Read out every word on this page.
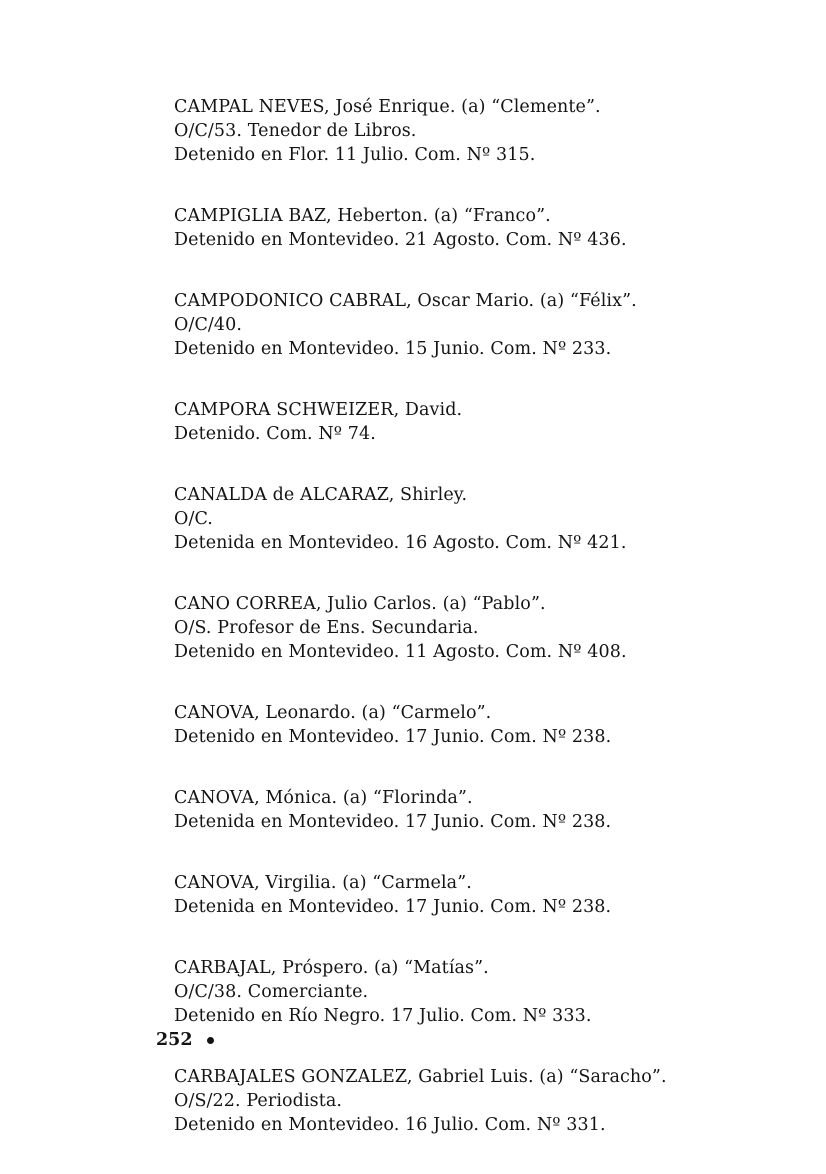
CAMPAL NEVES, José Enrique. (a) “Clemente”.
O/C/53. Tenedor de Libros.
Detenido en Flor. 11 Julio. Com. Nº 315.
CAMPIGLIA BAZ, Heberton. (a) “Franco”.
Detenido en Montevideo. 21 Agosto. Com. Nº 436.
CAMPODONICO CABRAL, Oscar Mario. (a) “Félix”.
O/C/40.
Detenido en Montevideo. 15 Junio. Com. Nº 233.
CAMPORA SCHWEIZER, David.
Detenido. Com. Nº 74.
CANALDA de ALCARAZ, Shirley.
O/C.
Detenida en Montevideo. 16 Agosto. Com. Nº 421.
CANO CORREA, Julio Carlos. (a) “Pablo”.
O/S. Profesor de Ens. Secundaria.
Detenido en Montevideo. 11 Agosto. Com. Nº 408.
CANOVA, Leonardo. (a) “Carmelo”.
Detenido en Montevideo. 17 Junio. Com. Nº 238.
CANOVA, Mónica. (a) “Florinda”.
Detenida en Montevideo. 17 Junio. Com. Nº 238.
CANOVA, Virgilia. (a) “Carmela”.
Detenida en Montevideo. 17 Junio. Com. Nº 238.
CARBAJAL, Próspero. (a) “Matías”.
O/C/38. Comerciante.
Detenido en Río Negro. 17 Julio. Com. Nº 333.
CARBAJALES GONZALEZ, Gabriel Luis. (a) “Saracho”.
O/S/22. Periodista.
Detenido en Montevideo. 16 Julio. Com. Nº 331.
252
